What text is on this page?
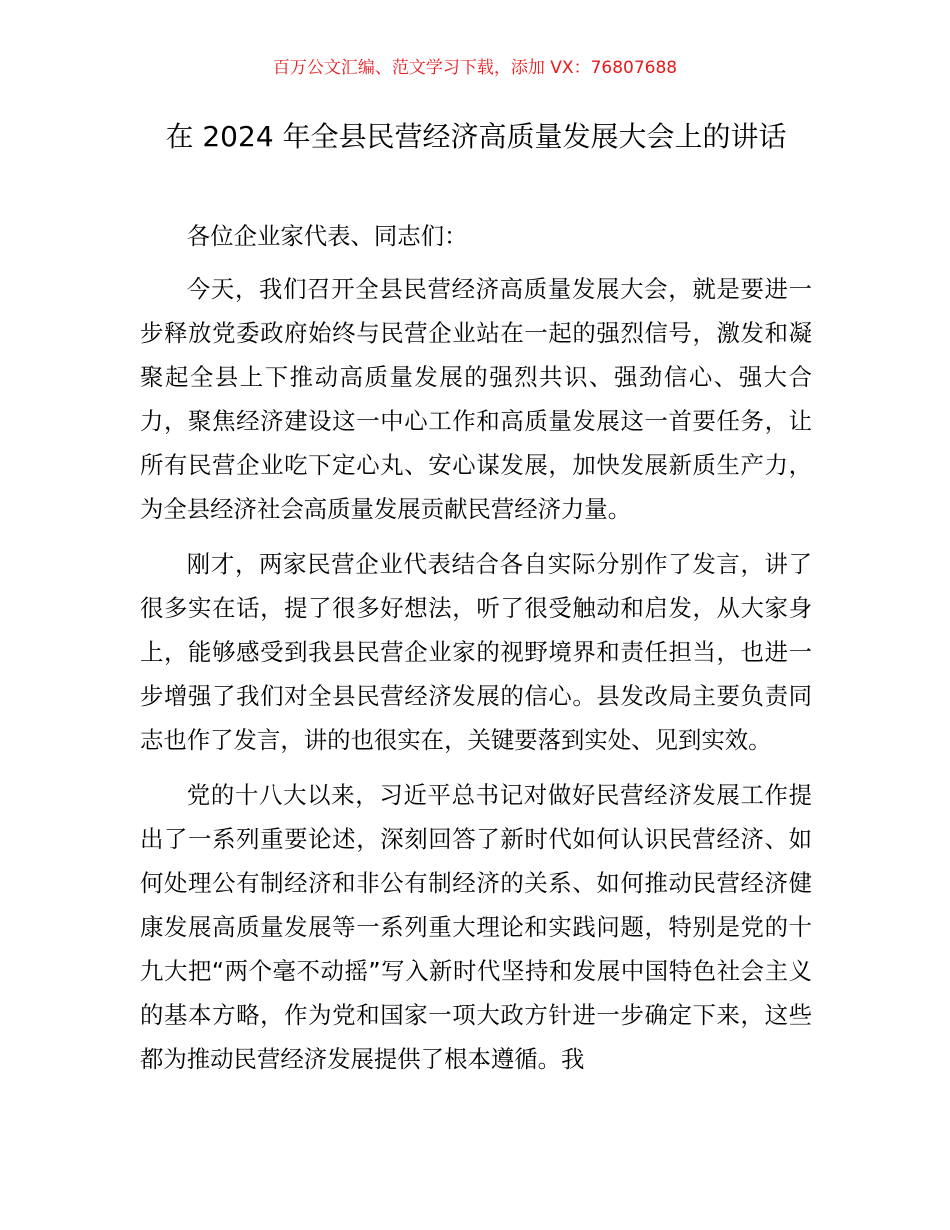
百万公文汇编、范文学习下载，添加 VX：76807688
在 2024 年全县民营经济高质量发展大会上的讲话

各位企业家代表、同志们：

今天，我们召开全县民营经济高质量发展大会，就是要进一步释放党委政府始终与民营企业站在一起的强烈信号，激发和凝聚起全县上下推动高质量发展的强烈共识、强劲信心、强大合力，聚焦经济建设这一中心工作和高质量发展这一首要任务，让所有民营企业吃下定心丸、安心谋发展，加快发展新质生产力，为全县经济社会高质量发展贡献民营经济力量。

刚才，两家民营企业代表结合各自实际分别作了发言，讲了很多实在话，提了很多好想法，听了很受触动和启发，从大家身上，能够感受到我县民营企业家的视野境界和责任担当，也进一步增强了我们对全县民营经济发展的信心。县发改局主要负责同志也作了发言，讲的也很实在，关键要落到实处、见到实效。

党的十八大以来，习近平总书记对做好民营经济发展工作提出了一系列重要论述，深刻回答了新时代如何认识民营经济、如何处理公有制经济和非公有制经济的关系、如何推动民营经济健康发展高质量发展等一系列重大理论和实践问题，特别是党的十九大把“两个毫不动摇”写入新时代坚持和发展中国特色社会主义的基本方略，作为党和国家一项大政方针进一步确定下来，这些都为推动民营经济发展提供了根本遵循。我
